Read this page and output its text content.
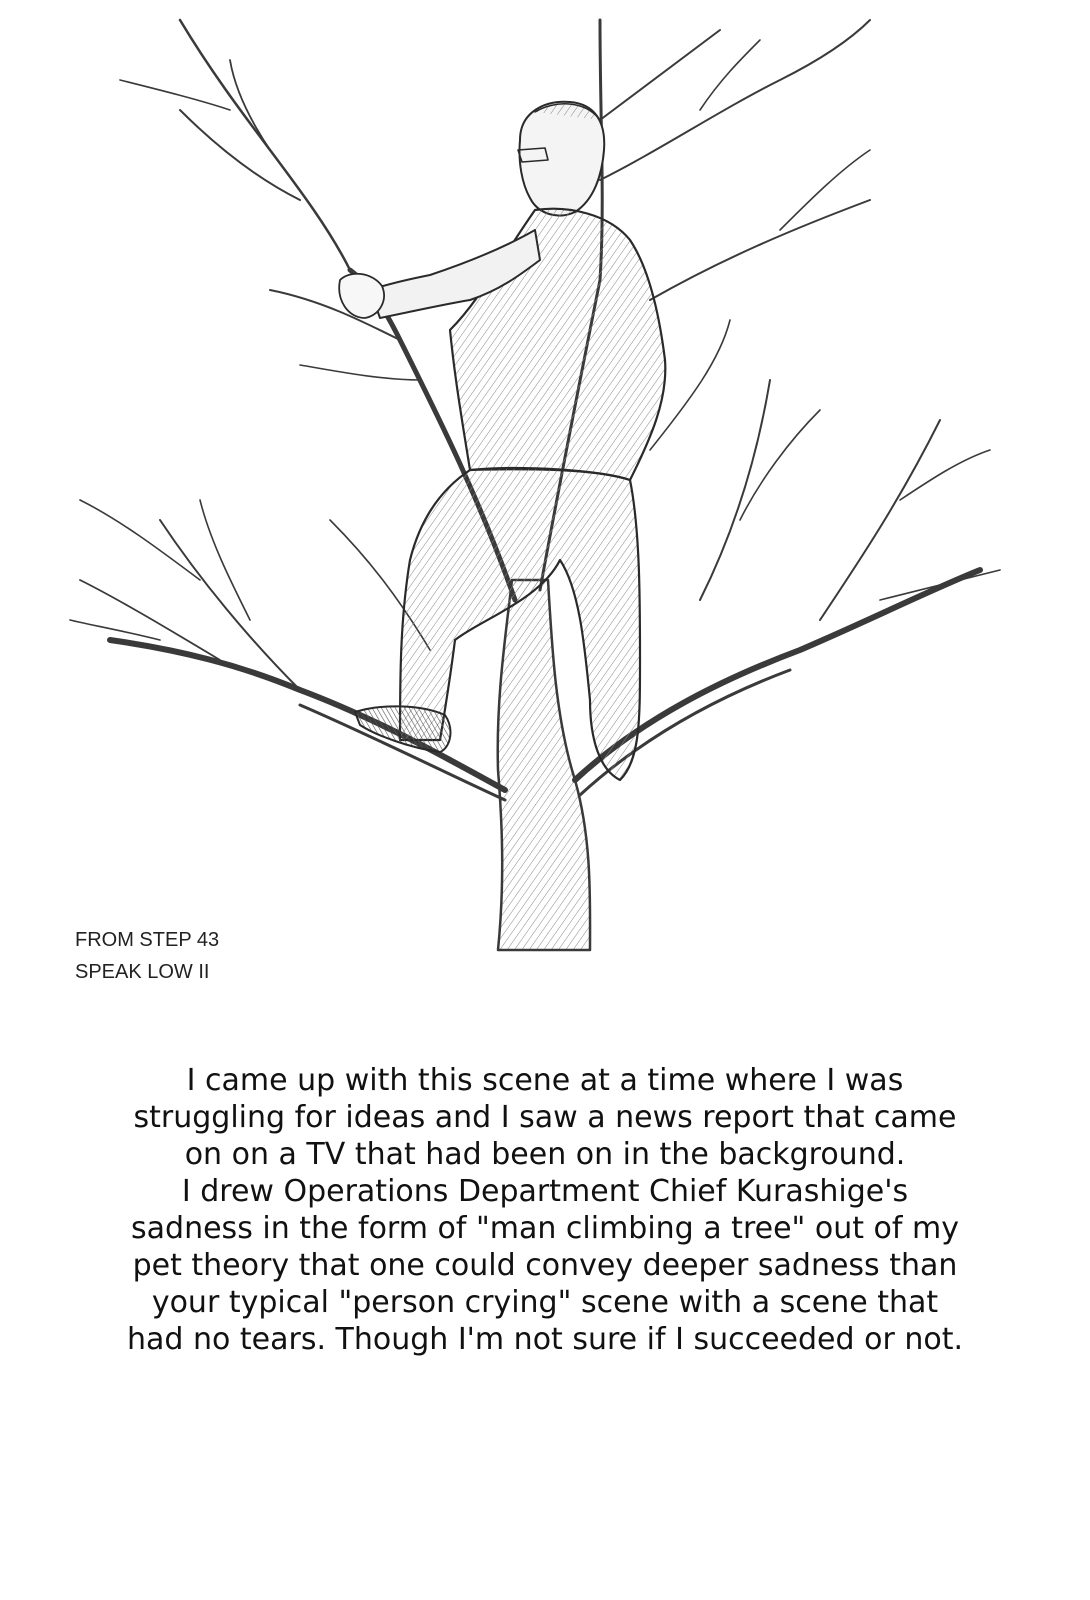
FROM STEP 43
SPEAK LOW II

I came up with this scene at a time where I was struggling for ideas and I saw a news report that came on on a TV that had been on in the background.

I drew Operations Department Chief Kurashige's sadness in the form of "man climbing a tree" out of my pet theory that one could convey deeper sadness than your typical "person crying" scene with a scene that had no tears. Though I'm not sure if I succeeded or not.
